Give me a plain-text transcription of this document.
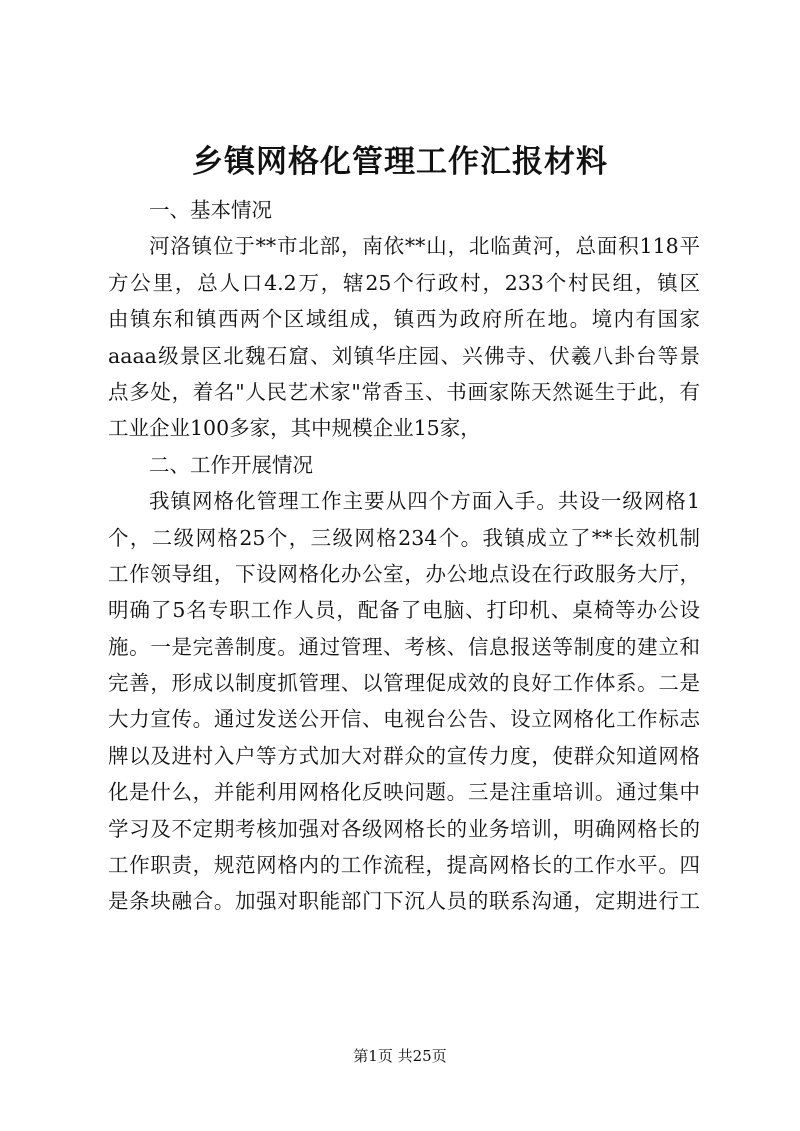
乡镇网格化管理工作汇报材料
一、基本情况
河洛镇位于**市北部，南依**山，北临黄河，总面积118平
方公里，总人口4.2万，辖25个行政村，233个村民组，镇区
由镇东和镇西两个区域组成，镇西为政府所在地。境内有国家
aaaa级景区北魏石窟、刘镇华庄园、兴佛寺、伏羲八卦台等景
点多处，着名"人民艺术家"常香玉、书画家陈天然诞生于此，有
工业企业100多家，其中规模企业15家，
二、工作开展情况
我镇网格化管理工作主要从四个方面入手。共设一级网格1
个，二级网格25个，三级网格234个。我镇成立了**长效机制
工作领导组，下设网格化办公室，办公地点设在行政服务大厅，
明确了5名专职工作人员，配备了电脑、打印机、桌椅等办公设
施。一是完善制度。通过管理、考核、信息报送等制度的建立和
完善，形成以制度抓管理、以管理促成效的良好工作体系。二是
大力宣传。通过发送公开信、电视台公告、设立网格化工作标志
牌以及进村入户等方式加大对群众的宣传力度，使群众知道网格
化是什么，并能利用网格化反映问题。三是注重培训。通过集中
学习及不定期考核加强对各级网格长的业务培训，明确网格长的
工作职责，规范网格内的工作流程，提高网格长的工作水平。四
是条块融合。加强对职能部门下沉人员的联系沟通，定期进行工
第1页 共25页
